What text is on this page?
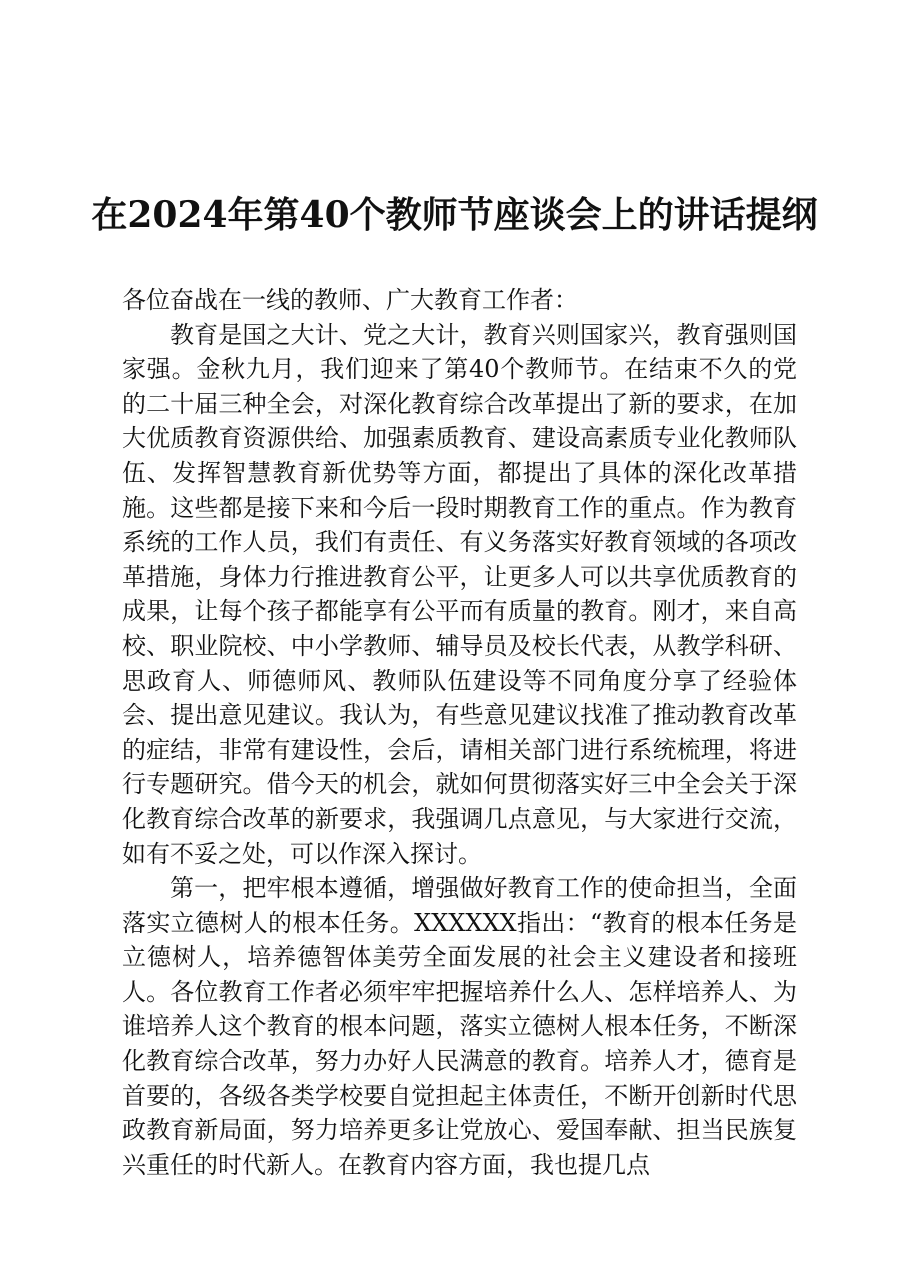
在2024年第40个教师节座谈会上的讲话提纲

各位奋战在一线的教师、广大教育工作者：

教育是国之大计、党之大计，教育兴则国家兴，教育强则国家强。金秋九月，我们迎来了第40个教师节。在结束不久的党的二十届三种全会，对深化教育综合改革提出了新的要求，在加大优质教育资源供给、加强素质教育、建设高素质专业化教师队伍、发挥智慧教育新优势等方面，都提出了具体的深化改革措施。这些都是接下来和今后一段时期教育工作的重点。作为教育系统的工作人员，我们有责任、有义务落实好教育领域的各项改革措施，身体力行推进教育公平，让更多人可以共享优质教育的成果，让每个孩子都能享有公平而有质量的教育。刚才，来自高校、职业院校、中小学教师、辅导员及校长代表，从教学科研、思政育人、师德师风、教师队伍建设等不同角度分享了经验体会、提出意见建议。我认为，有些意见建议找准了推动教育改革的症结，非常有建设性，会后，请相关部门进行系统梳理，将进行专题研究。借今天的机会，就如何贯彻落实好三中全会关于深化教育综合改革的新要求，我强调几点意见，与大家进行交流，如有不妥之处，可以作深入探讨。

第一，把牢根本遵循，增强做好教育工作的使命担当，全面落实立德树人的根本任务。XXXXXX指出：“教育的根本任务是立德树人，培养德智体美劳全面发展的社会主义建设者和接班人。各位教育工作者必须牢牢把握培养什么人、怎样培养人、为谁培养人这个教育的根本问题，落实立德树人根本任务，不断深化教育综合改革，努力办好人民满意的教育。培养人才，德育是首要的，各级各类学校要自觉担起主体责任，不断开创新时代思政教育新局面，努力培养更多让党放心、爱国奉献、担当民族复兴重任的时代新人。在教育内容方面，我也提几点
